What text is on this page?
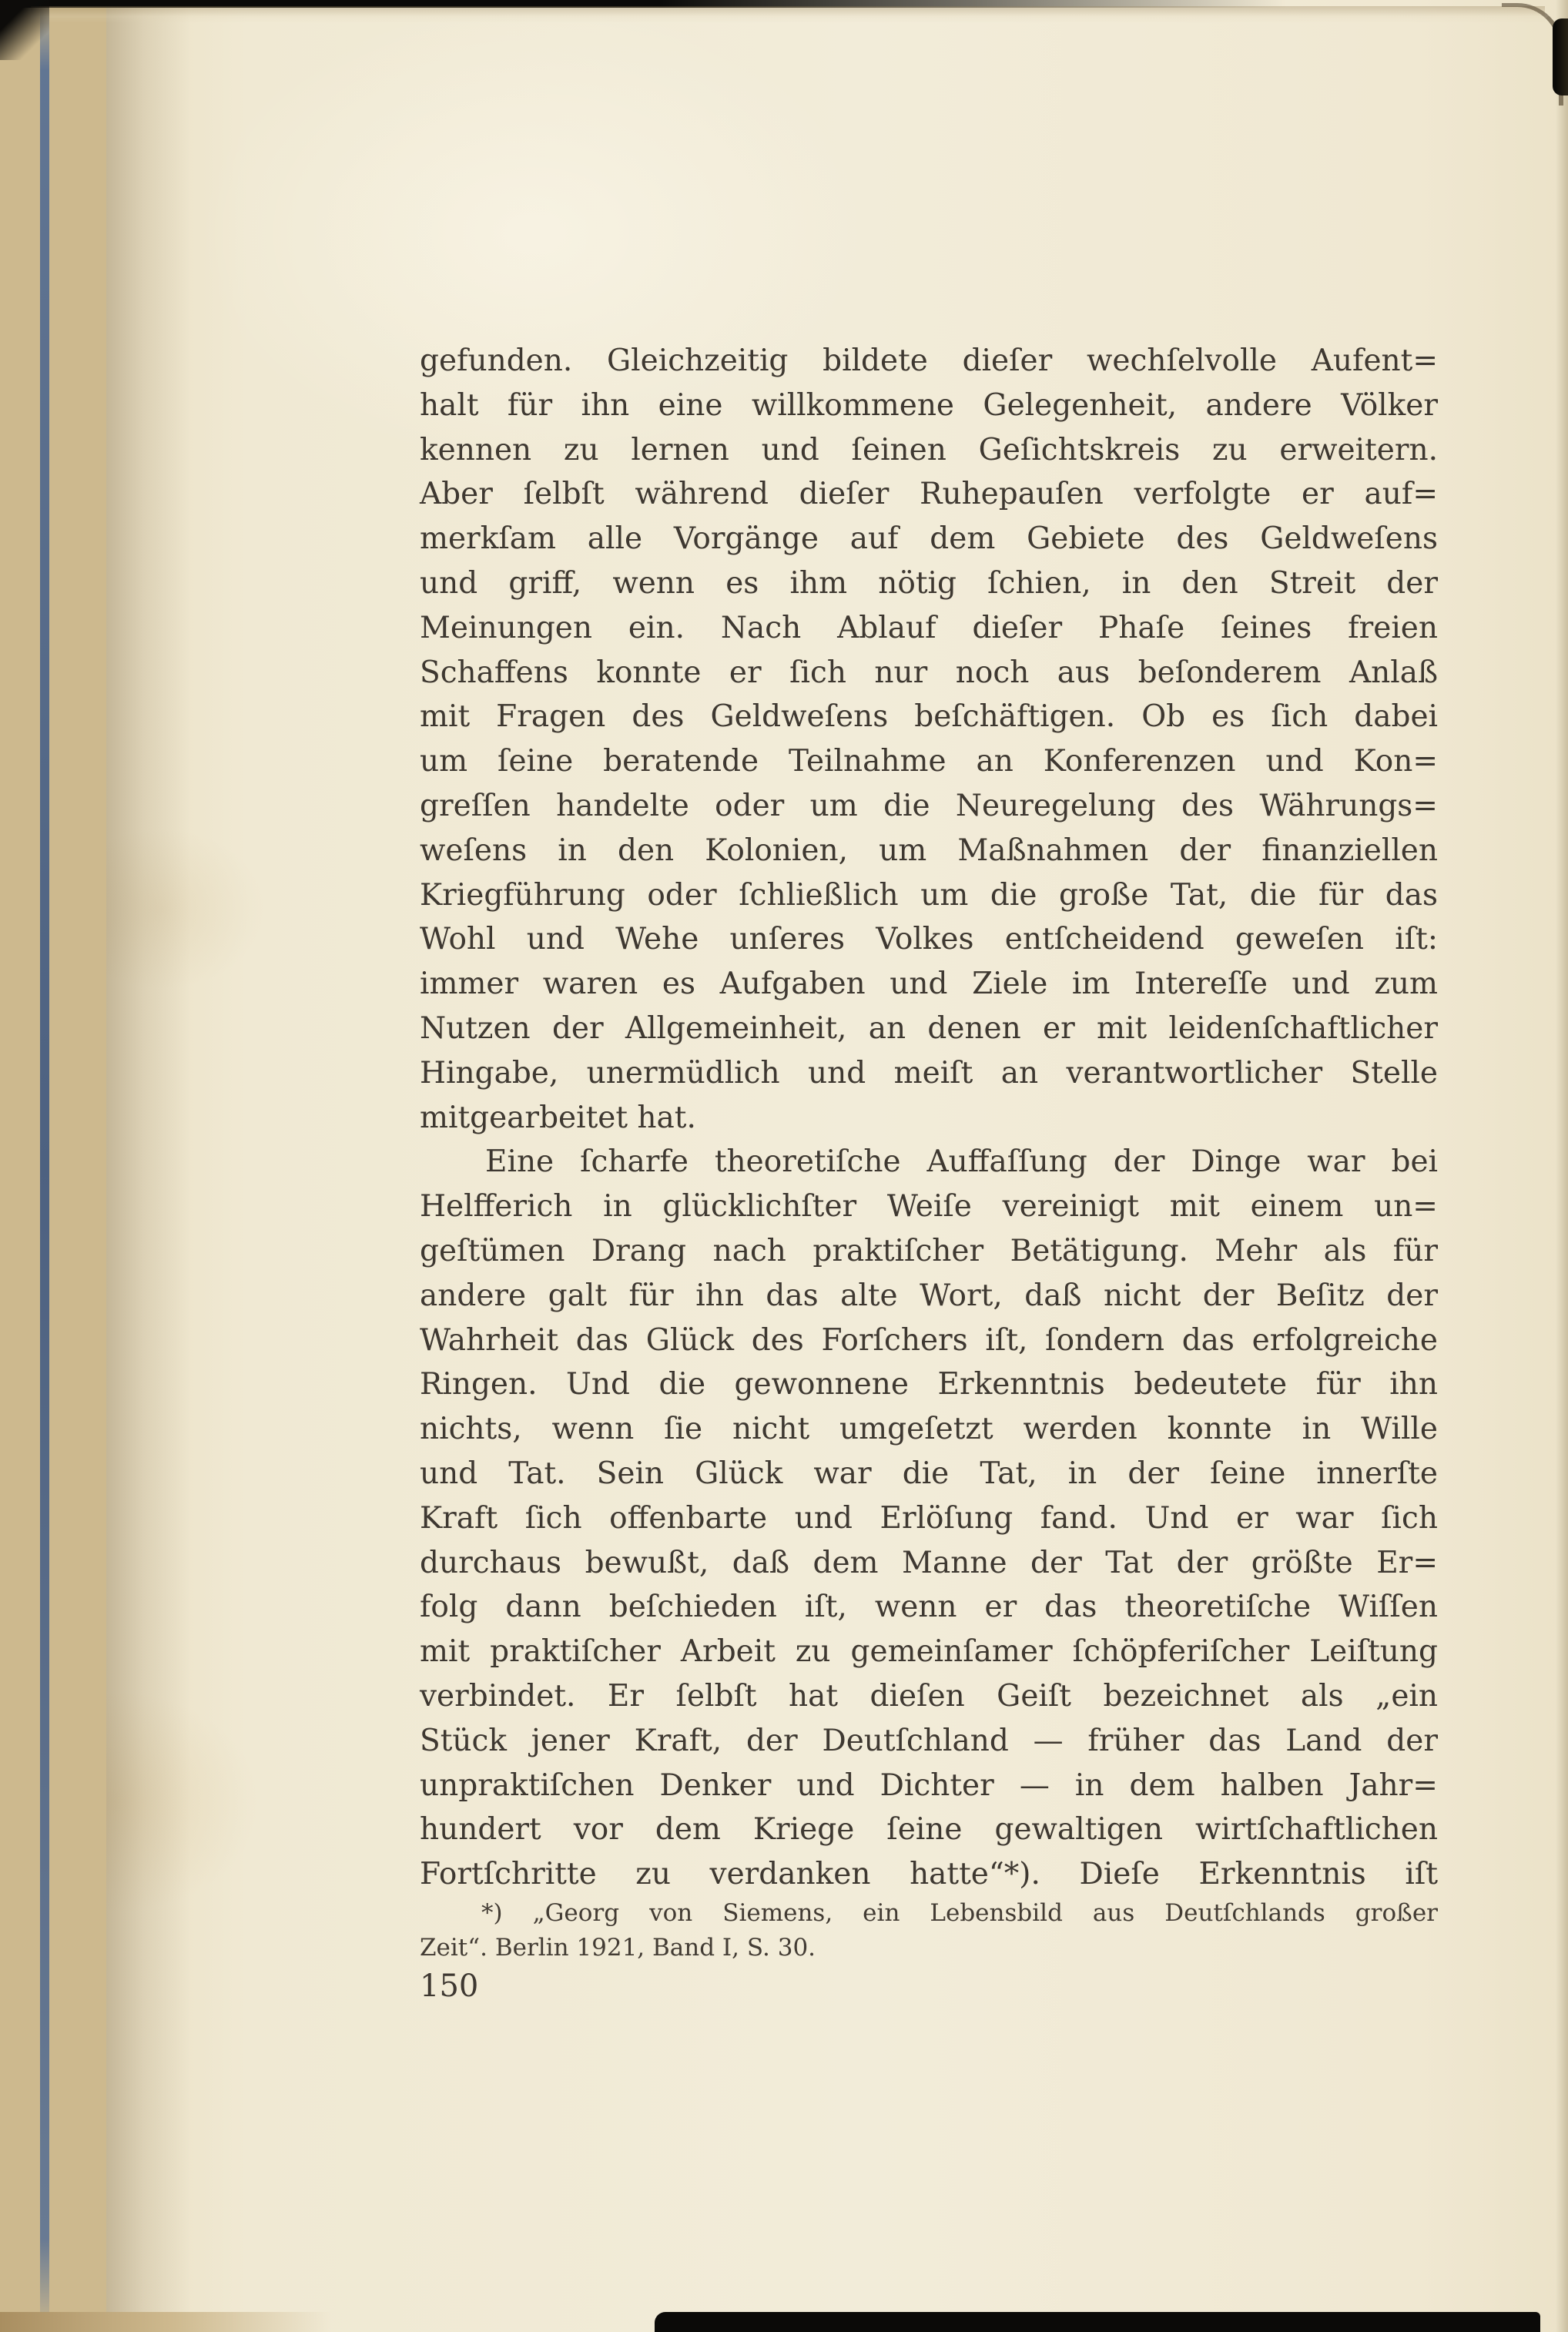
gefunden. Gleichzeitig bildete dieſer wechſelvolle Aufent=
halt für ihn eine willkommene Gelegenheit, andere Völker
kennen zu lernen und ſeinen Geſichtskreis zu erweitern.
Aber ſelbſt während dieſer Ruhepauſen verfolgte er auf=
merkſam alle Vorgänge auf dem Gebiete des Geldweſens
und griff, wenn es ihm nötig ſchien, in den Streit der
Meinungen ein. Nach Ablauf dieſer Phaſe ſeines freien
Schaffens konnte er ſich nur noch aus beſonderem Anlaß
mit Fragen des Geldweſens beſchäftigen. Ob es ſich dabei
um ſeine beratende Teilnahme an Konferenzen und Kon=
greſſen handelte oder um die Neuregelung des Währungs=
weſens in den Kolonien, um Maßnahmen der finanziellen
Kriegführung oder ſchließlich um die große Tat, die für das
Wohl und Wehe unſeres Volkes entſcheidend geweſen iſt:
immer waren es Aufgaben und Ziele im Intereſſe und zum
Nutzen der Allgemeinheit, an denen er mit leidenſchaftlicher
Hingabe, unermüdlich und meiſt an verantwortlicher Stelle
mitgearbeitet hat.
Eine ſcharfe theoretiſche Auffaſſung der Dinge war bei
Helfferich in glücklichſter Weiſe vereinigt mit einem un=
geſtümen Drang nach praktiſcher Betätigung. Mehr als für
andere galt für ihn das alte Wort, daß nicht der Beſitz der
Wahrheit das Glück des Forſchers iſt, ſondern das erfolgreiche
Ringen. Und die gewonnene Erkenntnis bedeutete für ihn
nichts, wenn ſie nicht umgeſetzt werden konnte in Wille
und Tat. Sein Glück war die Tat, in der ſeine innerſte
Kraft ſich offenbarte und Erlöſung fand. Und er war ſich
durchaus bewußt, daß dem Manne der Tat der größte Er=
folg dann beſchieden iſt, wenn er das theoretiſche Wiſſen
mit praktiſcher Arbeit zu gemeinſamer ſchöpferiſcher Leiſtung
verbindet. Er ſelbſt hat dieſen Geiſt bezeichnet als „ein
Stück jener Kraft, der Deutſchland — früher das Land der
unpraktiſchen Denker und Dichter — in dem halben Jahr=
hundert vor dem Kriege ſeine gewaltigen wirtſchaftlichen
Fortſchritte zu verdanken hatte“*). Dieſe Erkenntnis iſt
*) „Georg von Siemens, ein Lebensbild aus Deutſchlands großer
Zeit“. Berlin 1921, Band I, S. 30.
150
